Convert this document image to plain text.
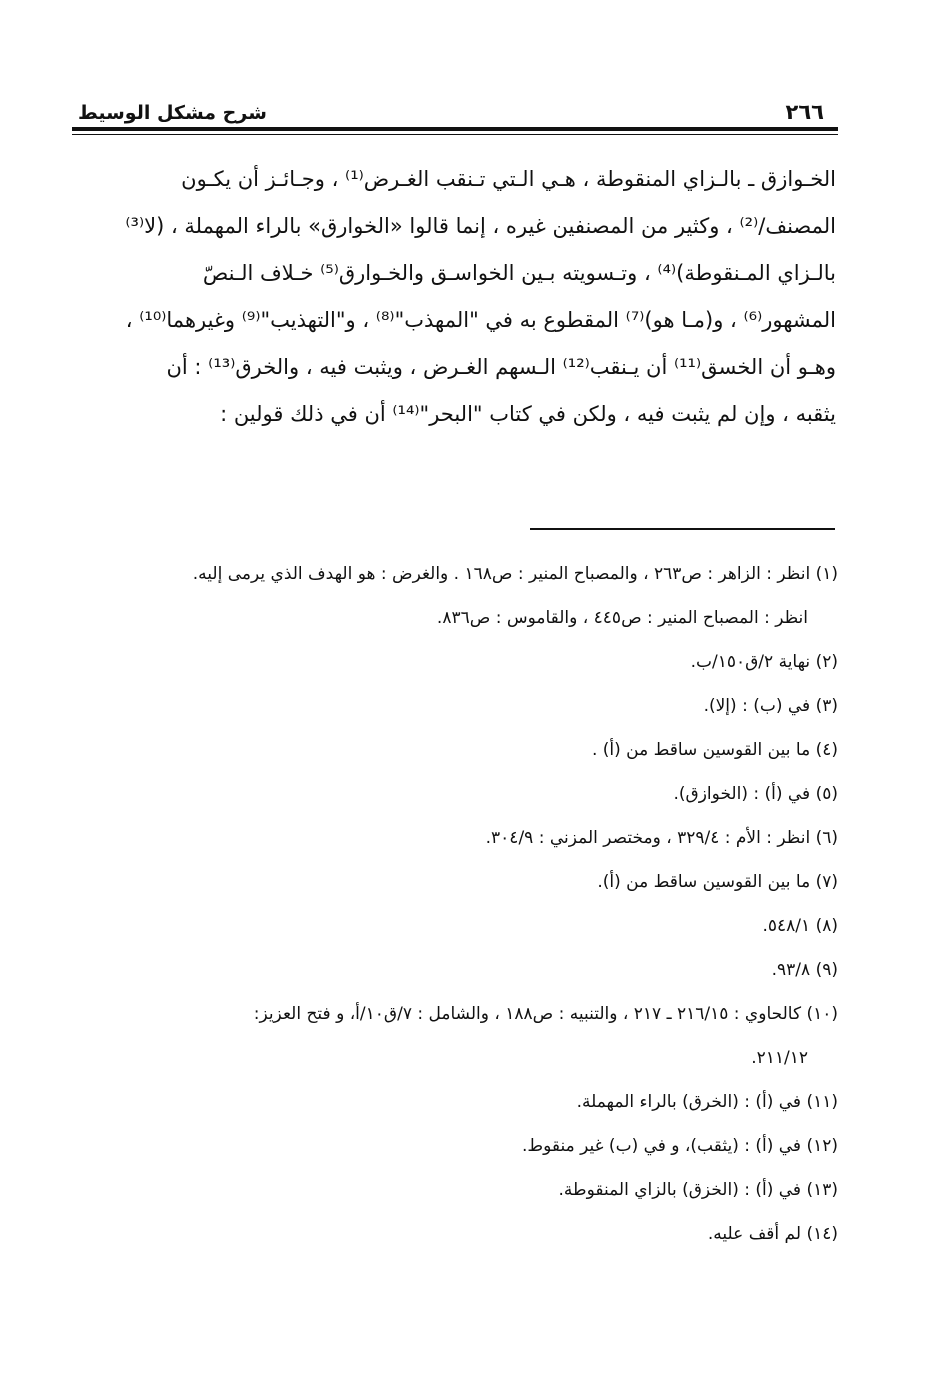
٢٦٦
شرح مشكل الوسيط
الخـوازق ـ بالـزاي المنقوطة ، هـي الـتي تـنقب الغـرض⁽¹⁾ ، وجـائـز أن يكـون
المصنف/⁽²⁾ ، وكثير من المصنفين غيره ، إنما قالوا «الخوارق» بالراء المهملة ، (لا⁽³⁾
بالـزاي المـنقوطة)⁽⁴⁾ ، وتـسويته بـين الخواسـق والخـوارق⁽⁵⁾ خـلاف الـنصّ
المشهور⁽⁶⁾ ، و(مـا هو)⁽⁷⁾ المقطوع به في "المهذب"⁽⁸⁾ ، و"التهذيب"⁽⁹⁾ وغيرهما⁽¹⁰⁾ ،
وهـو أن الخسق⁽¹¹⁾ أن يـنقب⁽¹²⁾ الـسهم الغـرض ، ويثبت فيه ، والخرق⁽¹³⁾ : أن
يثقبه ، وإن لم يثبت فيه ، ولكن في كتاب "البحر"⁽¹⁴⁾ أن في ذلك قولين :
(١) انظر : الزاهر : ص٢٦٣ ، والمصباح المنير : ص١٦٨ . والغرض : هو الهدف الذي يرمى إليه.
انظر : المصباح المنير : ص٤٤٥ ، والقاموس : ص٨٣٦.
(٢) نهاية ٢/ق١٥٠/ب.
(٣) في (ب) : (إلا).
(٤) ما بين القوسين ساقط من (أ) .
(٥) في (أ) : (الخوازق).
(٦) انظر : الأم : ٣٢٩/٤ ، ومختصر المزني : ٣٠٤/٩.
(٧) ما بين القوسين ساقط من (أ).
(٨) ٥٤٨/١.
(٩) ٩٣/٨.
(١٠) كالحاوي : ٢١٦/١٥ ـ ٢١٧ ، والتنبيه : ص١٨٨ ، والشامل : ٧/ق١٠/أ، و فتح العزيز:
٢١١/١٢.
(١١) في (أ) : (الخرق) بالراء المهملة.
(١٢) في (أ) : (يثقب)، و في (ب) غير منقوط.
(١٣) في (أ) : (الخزق) بالزاي المنقوطة.
(١٤) لم أقف عليه.
